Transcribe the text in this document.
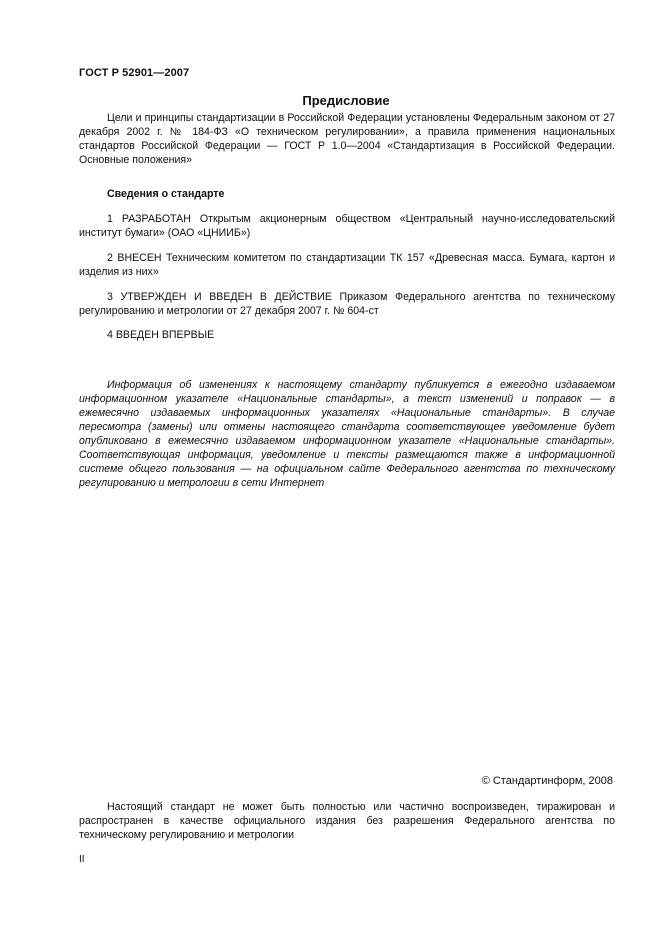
ГОСТ Р 52901—2007
Предисловие

Цели и принципы стандартизации в Российской Федерации установлены Федеральным законом от 27 декабря 2002 г. № 184-ФЗ «О техническом регулировании», а правила применения национальных стандартов Российской Федерации — ГОСТ Р 1.0—2004 «Стандартизация в Российской Федерации. Основные положения»

Сведения о стандарте

1 РАЗРАБОТАН Открытым акционерным обществом «Центральный научно-исследовательский институт бумаги» (ОАО «ЦНИИБ»)

2 ВНЕСЕН Техническим комитетом по стандартизации ТК 157 «Древесная масса. Бумага, картон и изделия из них»

3 УТВЕРЖДЕН И ВВЕДЕН В ДЕЙСТВИЕ Приказом Федерального агентства по техническому регулированию и метрологии от 27 декабря 2007 г. № 604-ст

4 ВВЕДЕН ВПЕРВЫЕ

Информация об изменениях к настоящему стандарту публикуется в ежегодно издаваемом информационном указателе «Национальные стандарты», а текст изменений и поправок — в ежемесячно издаваемых информационных указателях «Национальные стандарты». В случае пересмотра (замены) или отмены настоящего стандарта соответствующее уведомление будет опубликовано в ежемесячно издаваемом информационном указателе «Национальные стандарты». Соответствующая информация, уведомление и тексты размещаются также в информационной системе общего пользования — на официальном сайте Федерального агентства по техническому регулированию и метрологии в сети Интернет

© Стандартинформ, 2008

Настоящий стандарт не может быть полностью или частично воспроизведен, тиражирован и распространен в качестве официального издания без разрешения Федерального агентства по техническому регулированию и метрологии

II
